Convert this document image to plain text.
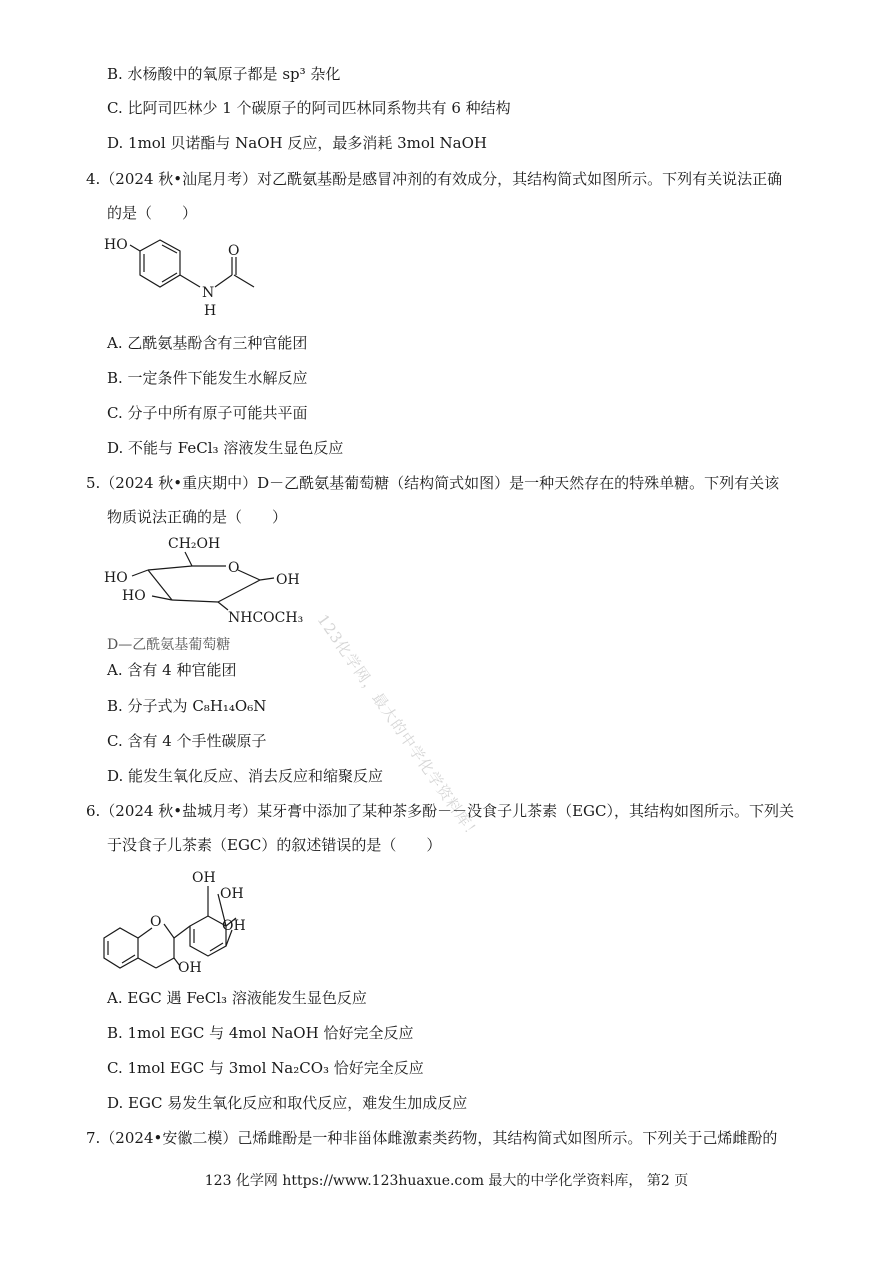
123化学网，最大的中学化学资料库！
B. 水杨酸中的氧原子都是 sp³ 杂化
C. 比阿司匹林少 1 个碳原子的阿司匹林同系物共有 6 种结构
D. 1mol 贝诺酯与 NaOH 反应，最多消耗 3mol NaOH
4.（2024 秋•汕尾月考）对乙酰氨基酚是感冒冲剂的有效成分，其结构简式如图所示。下列有关说法正确
的是（　　）
HO
N
H
O
A. 乙酰氨基酚含有三种官能团
B. 一定条件下能发生水解反应
C. 分子中所有原子可能共平面
D. 不能与 FeCl₃ 溶液发生显色反应
5.（2024 秋•重庆期中）D－乙酰氨基葡萄糖（结构简式如图）是一种天然存在的特殊单糖。下列有关该
物质说法正确的是（　　）
CH₂OH
O
HO
HO
OH
NHCOCH₃
D—乙酰氨基葡萄糖
A. 含有 4 种官能团
B. 分子式为 C₈H₁₄O₆N
C. 含有 4 个手性碳原子
D. 能发生氧化反应、消去反应和缩聚反应
6.（2024 秋•盐城月考）某牙膏中添加了某种茶多酚－－没食子儿茶素（EGC），其结构如图所示。下列关
于没食子儿茶素（EGC）的叙述错误的是（　　）
O
OH
OH
OH
OH
A. EGC 遇 FeCl₃ 溶液能发生显色反应
B. 1mol EGC 与 4mol NaOH 恰好完全反应
C. 1mol EGC 与 3mol Na₂CO₃ 恰好完全反应
D. EGC 易发生氧化反应和取代反应，难发生加成反应
7.（2024•安徽二模）己烯雌酚是一种非甾体雌激素类药物，其结构简式如图所示。下列关于己烯雌酚的
123 化学网 https://www.123huaxue.com 最大的中学化学资料库， 第2 页
